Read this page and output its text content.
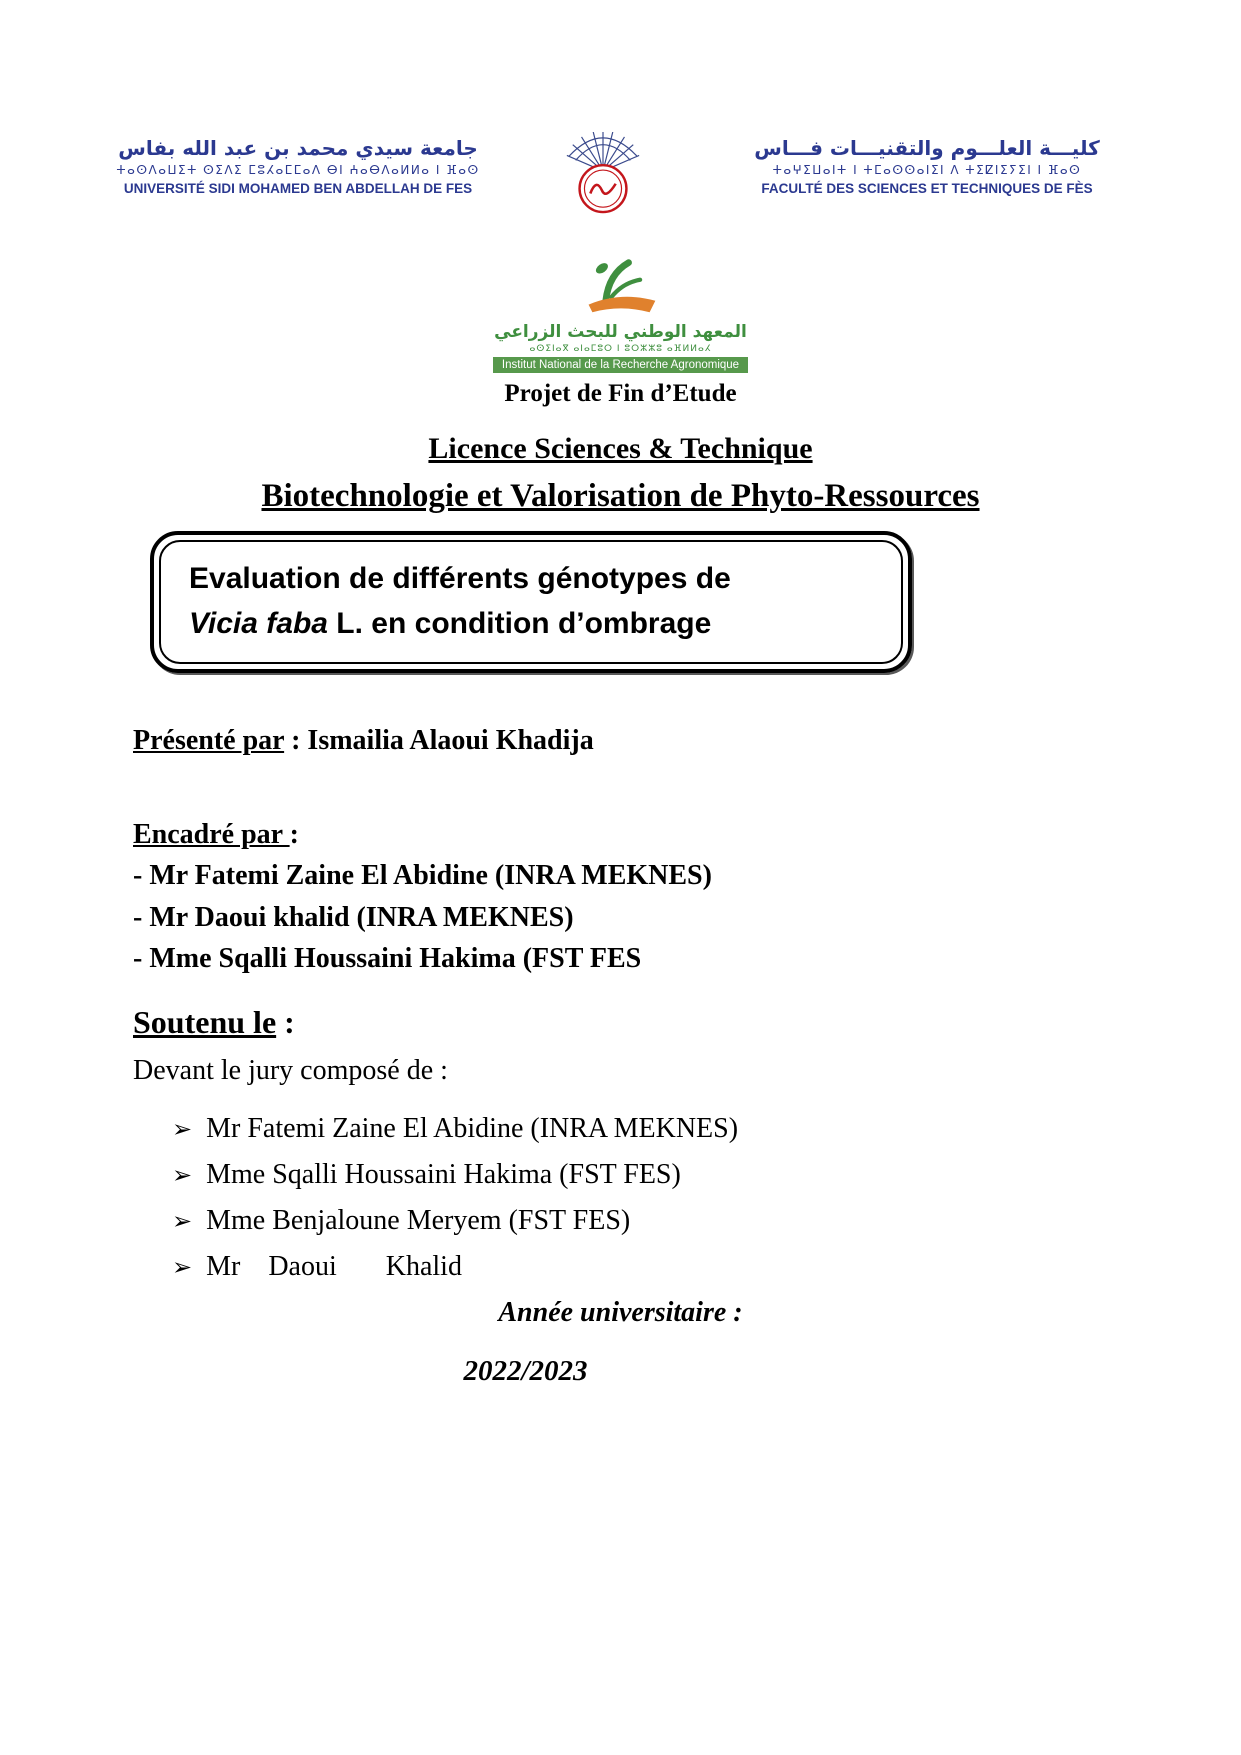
جامعة سيدي محمد بن عبد الله بفاس
ⵜⴰⵙⴷⴰⵡⵉⵜ ⵙⵉⴷⵉ ⵎⵓⵃⴰⵎⵎⴰⴷ ⴱⵏ ⵄⴰⴱⴷⴰⵍⵍⴰ ⵏ ⴼⴰⵙ
UNIVERSITÉ SIDI MOHAMED BEN ABDELLAH DE FES
كليـــة العلـــوم والتقنيـــات فـــاس
ⵜⴰⵖⵉⵡⴰⵏⵜ ⵏ ⵜⵎⴰⵙⵙⴰⵏⵉⵏ ⴷ ⵜⵉⵇⵏⵉⵢⵉⵏ ⵏ ⴼⴰⵙ
FACULTÉ DES SCIENCES ET TECHNIQUES DE FÈS
المعهد الوطني للبحث الزراعي
ⴰⵙⵉⵏⴰⴳ ⴰⵏⴰⵎⵓⵔ ⵏ ⵓⵔⵣⵣⵓ ⴰⴼⵍⵍⴰⵃ
Institut National de la Recherche Agronomique
Projet de Fin d’Etude
Licence Sciences & Technique
Biotechnologie et Valorisation de Phyto-Ressources
Evaluation de différents génotypes de
Vicia faba L. en condition d’ombrage
Présenté par : Ismailia Alaoui Khadija
Encadré par :
- Mr Fatemi Zaine El Abidine (INRA MEKNES)
- Mr Daoui khalid (INRA MEKNES)
- Mme Sqalli Houssaini Hakima (FST FES
Soutenu le :
Devant le jury composé de :
➢ Mr Fatemi Zaine El Abidine (INRA MEKNES)
➢ Mme Sqalli Houssaini Hakima (FST FES)
➢ Mme Benjaloune Meryem (FST FES)
➢ Mr    Daoui       Khalid
Année universitaire :
2022/2023
